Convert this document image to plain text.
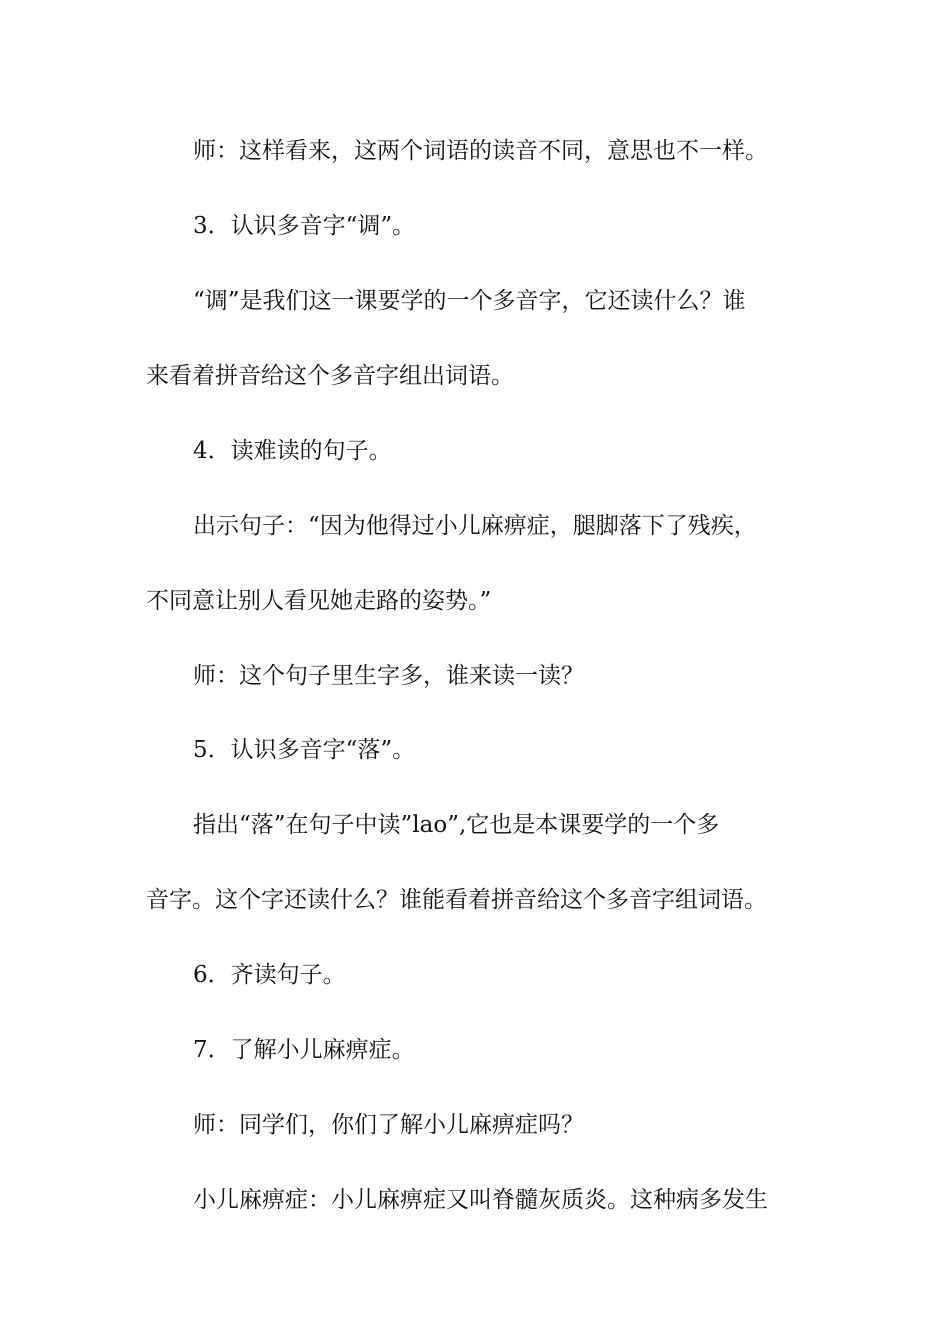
师：这样看来，这两个词语的读音不同，意思也不一样。
3．认识多音字“调”。
“调”是我们这一课要学的一个多音字，它还读什么？谁
来看着拼音给这个多音字组出词语。
4．读难读的句子。
出示句子：“因为他得过小儿麻痹症，腿脚落下了残疾，
不同意让别人看见她走路的姿势。”
师：这个句子里生字多，谁来读一读？
5．认识多音字“落”。
指出“落”在句子中读”lao”,它也是本课要学的一个多
音字。这个字还读什么？谁能看着拼音给这个多音字组词语。
6．齐读句子。
7．了解小儿麻痹症。
师：同学们，你们了解小儿麻痹症吗？
小儿麻痹症：小儿麻痹症又叫脊髓灰质炎。这种病多发生
